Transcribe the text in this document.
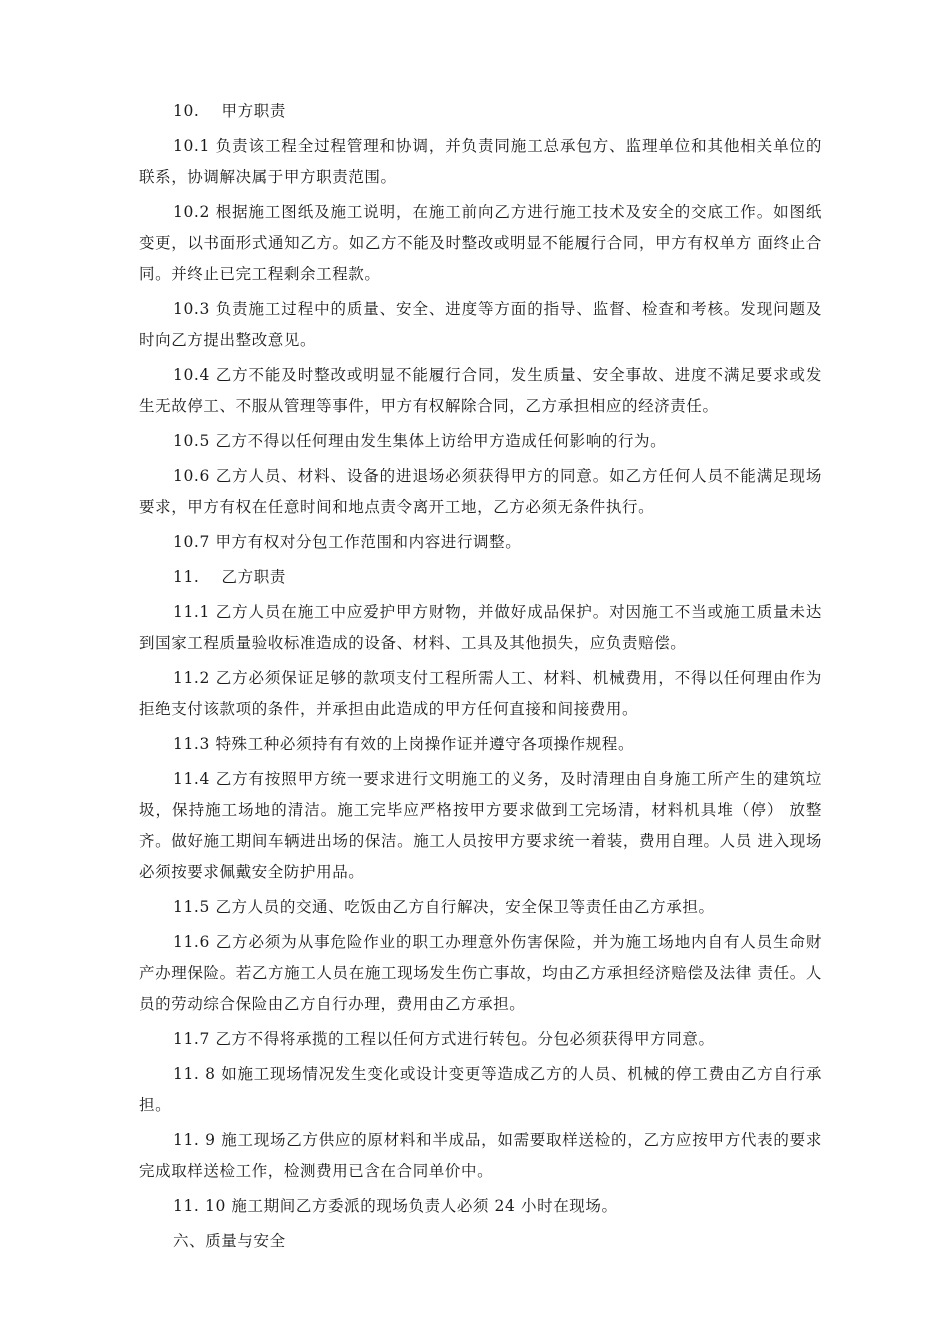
10.    甲方职责

10.1 负责该工程全过程管理和协调，并负责同施工总承包方、监理单位和其他相关单位的联系，协调解决属于甲方职责范围。

10.2 根据施工图纸及施工说明，在施工前向乙方进行施工技术及安全的交底工作。如图纸变更，以书面形式通知乙方。如乙方不能及时整改或明显不能履行合同，甲方有权单方 面终止合同。并终止已完工程剩余工程款。

10.3 负责施工过程中的质量、安全、进度等方面的指导、监督、检查和考核。发现问题及时向乙方提出整改意见。

10.4 乙方不能及时整改或明显不能履行合同，发生质量、安全事故、进度不满足要求或发生无故停工、不服从管理等事件，甲方有权解除合同，乙方承担相应的经济责任。

10.5 乙方不得以任何理由发生集体上访给甲方造成任何影响的行为。

10.6 乙方人员、材料、设备的进退场必须获得甲方的同意。如乙方任何人员不能满足现场要求，甲方有权在任意时间和地点责令离开工地，乙方必须无条件执行。

10.7 甲方有权对分包工作范围和内容进行调整。

11.    乙方职责

11.1 乙方人员在施工中应爱护甲方财物，并做好成品保护。对因施工不当或施工质量未达到国家工程质量验收标准造成的设备、材料、工具及其他损失，应负责赔偿。

11.2 乙方必须保证足够的款项支付工程所需人工、材料、机械费用，不得以任何理由作为拒绝支付该款项的条件，并承担由此造成的甲方任何直接和间接费用。

11.3 特殊工种必须持有有效的上岗操作证并遵守各项操作规程。

11.4 乙方有按照甲方统一要求进行文明施工的义务，及时清理由自身施工所产生的建筑垃圾，保持施工场地的清洁。施工完毕应严格按甲方要求做到工完场清，材料机具堆（停） 放整齐。做好施工期间车辆进出场的保洁。施工人员按甲方要求统一着装，费用自理。人员 进入现场必须按要求佩戴安全防护用品。

11.5 乙方人员的交通、吃饭由乙方自行解决，安全保卫等责任由乙方承担。

11.6 乙方必须为从事危险作业的职工办理意外伤害保险，并为施工场地内自有人员生命财产办理保险。若乙方施工人员在施工现场发生伤亡事故，均由乙方承担经济赔偿及法律 责任。人员的劳动综合保险由乙方自行办理，费用由乙方承担。

11.7 乙方不得将承揽的工程以任何方式进行转包。分包必须获得甲方同意。

11. 8 如施工现场情况发生变化或设计变更等造成乙方的人员、机械的停工费由乙方自行承担。

11. 9 施工现场乙方供应的原材料和半成品，如需要取样送检的，乙方应按甲方代表的要求完成取样送检工作，检测费用已含在合同单价中。

11. 10 施工期间乙方委派的现场负责人必须 24 小时在现场。

六、质量与安全
